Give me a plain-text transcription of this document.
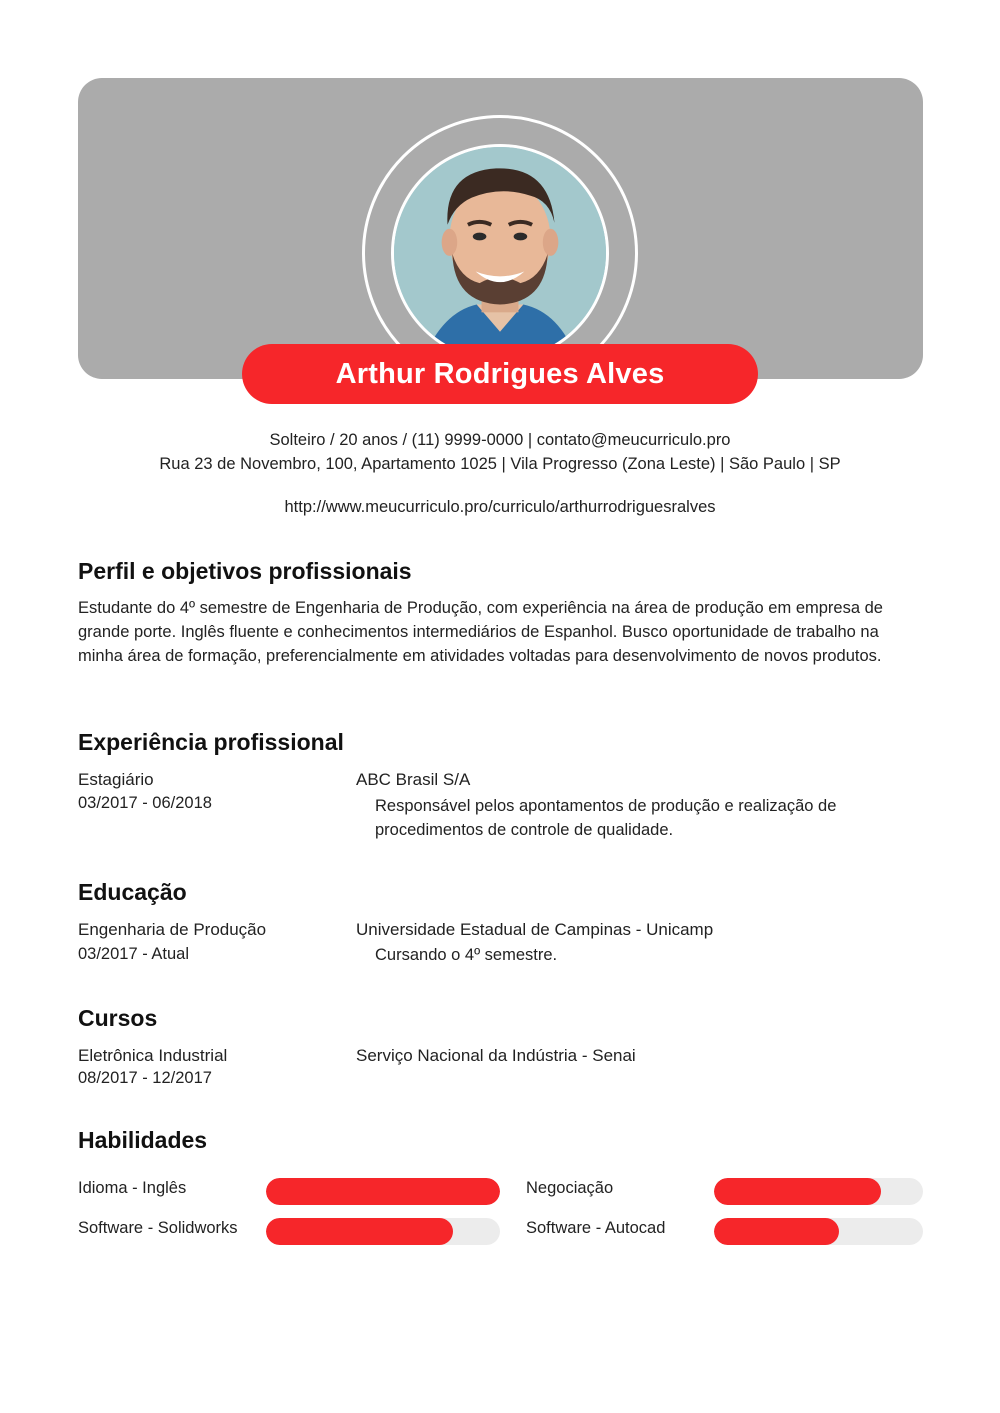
Arthur Rodrigues Alves
Solteiro / 20 anos / (11) 9999-0000 | contato@meucurriculo.pro
Rua 23 de Novembro, 100, Apartamento 1025 | Vila Progresso (Zona Leste) | São Paulo | SP
http://www.meucurriculo.pro/curriculo/arthurrodriguesralves
Perfil e objetivos profissionais
Estudante do 4º semestre de Engenharia de Produção, com experiência na área de produção em empresa de grande porte. Inglês fluente e conhecimentos intermediários de Espanhol. Busco oportunidade de trabalho na minha área de formação, preferencialmente em atividades voltadas para desenvolvimento de novos produtos.
Experiência profissional
Estagiário
03/2017 - 06/2018
ABC Brasil S/A
Responsável pelos apontamentos de produção e realização de procedimentos de controle de qualidade.
Educação
Engenharia de Produção
03/2017 - Atual
Universidade Estadual de Campinas - Unicamp
Cursando o 4º semestre.
Cursos
Eletrônica Industrial
08/2017 - 12/2017
Serviço Nacional da Indústria - Senai
Habilidades
Idioma - Inglês	Negociação
Software - Solidworks	Software - Autocad
